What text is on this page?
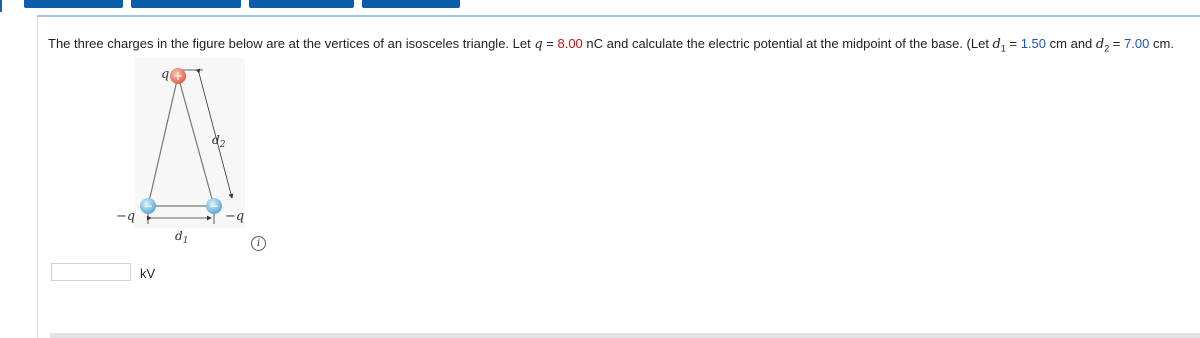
The three charges in the figure below are at the vertices of an isosceles triangle. Let q = 8.00 nC and calculate the electric potential at the midpoint of the base. (Let $d_1 = 1.50$ cm and $d_2 = 7.00$ cm.
+
−	−
q
−q	−q
$d_2$
$d_1$	i
kV
